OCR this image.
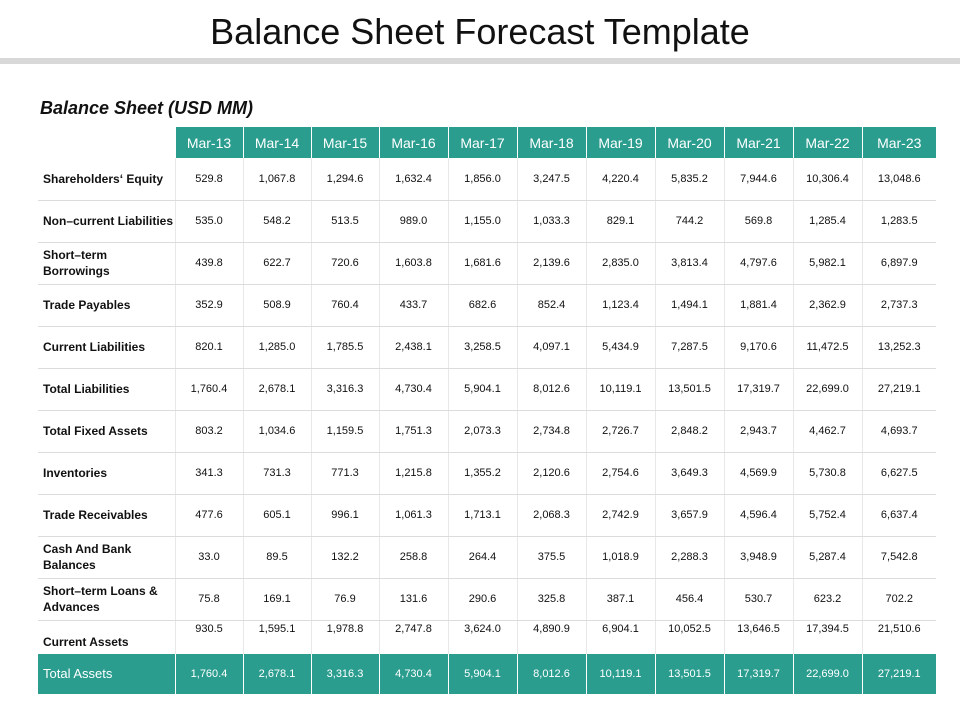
Balance Sheet Forecast Template
Balance Sheet (USD MM)
	Mar-13	Mar-14	Mar-15	Mar-16	Mar-17	Mar-18	Mar-19	Mar-20	Mar-21	Mar-22	Mar-23
Shareholders‘ Equity	529.8	1,067.8	1,294.6	1,632.4	1,856.0	3,247.5	4,220.4	5,835.2	7,944.6	10,306.4	13,048.6
Non–current Liabilities	535.0	548.2	513.5	989.0	1,155.0	1,033.3	829.1	744.2	569.8	1,285.4	1,283.5
Short–term Borrowings	439.8	622.7	720.6	1,603.8	1,681.6	2,139.6	2,835.0	3,813.4	4,797.6	5,982.1	6,897.9
Trade Payables	352.9	508.9	760.4	433.7	682.6	852.4	1,123.4	1,494.1	1,881.4	2,362.9	2,737.3
Current Liabilities	820.1	1,285.0	1,785.5	2,438.1	3,258.5	4,097.1	5,434.9	7,287.5	9,170.6	11,472.5	13,252.3
Total Liabilities	1,760.4	2,678.1	3,316.3	4,730.4	5,904.1	8,012.6	10,119.1	13,501.5	17,319.7	22,699.0	27,219.1
Total Fixed Assets	803.2	1,034.6	1,159.5	1,751.3	2,073.3	2,734.8	2,726.7	2,848.2	2,943.7	4,462.7	4,693.7
Inventories	341.3	731.3	771.3	1,215.8	1,355.2	2,120.6	2,754.6	3,649.3	4,569.9	5,730.8	6,627.5
Trade Receivables	477.6	605.1	996.1	1,061.3	1,713.1	2,068.3	2,742.9	3,657.9	4,596.4	5,752.4	6,637.4
Cash And Bank Balances	33.0	89.5	132.2	258.8	264.4	375.5	1,018.9	2,288.3	3,948.9	5,287.4	7,542.8
Short–term Loans & Advances	75.8	169.1	76.9	131.6	290.6	325.8	387.1	456.4	530.7	623.2	702.2
Current Assets	930.5	1,595.1	1,978.8	2,747.8	3,624.0	4,890.9	6,904.1	10,052.5	13,646.5	17,394.5	21,510.6
Total Assets	1,760.4	2,678.1	3,316.3	4,730.4	5,904.1	8,012.6	10,119.1	13,501.5	17,319.7	22,699.0	27,219.1
